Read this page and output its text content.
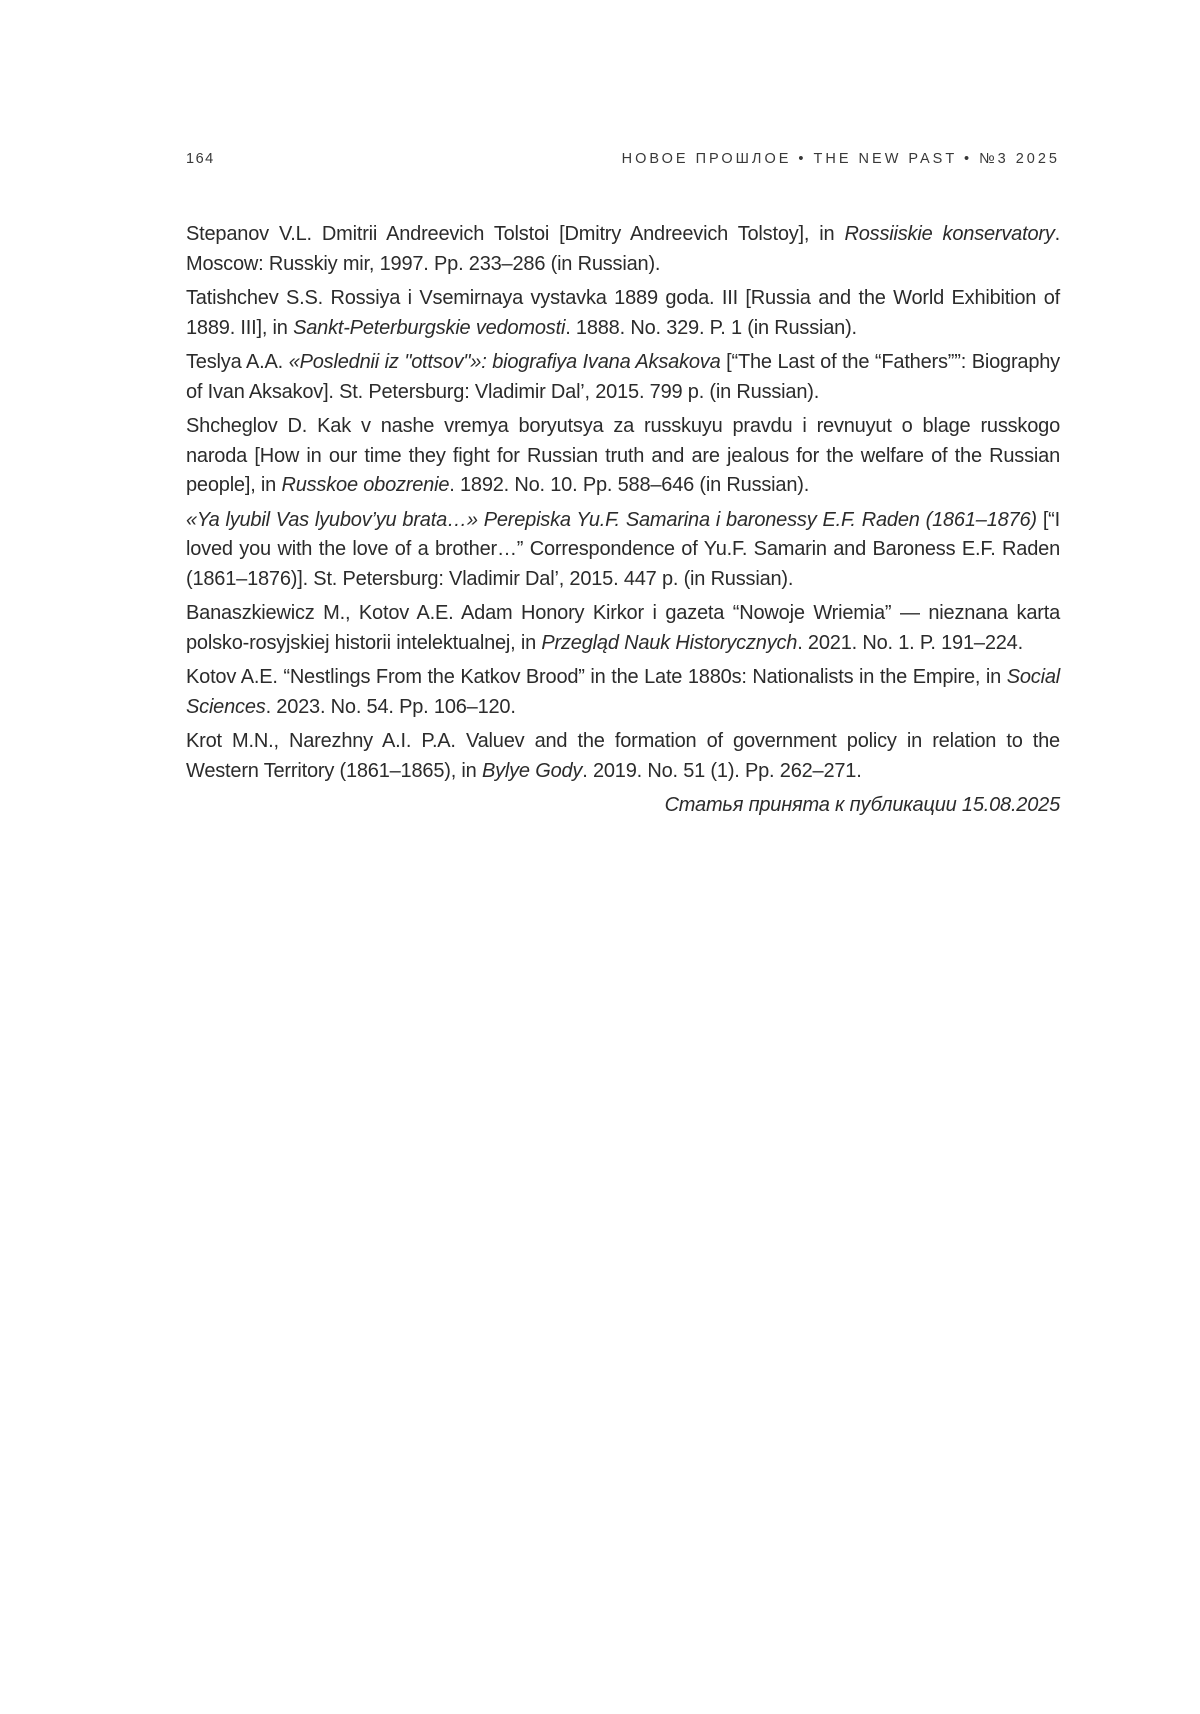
164	НОВОЕ ПРОШЛОЕ • THE NEW PAST • №3 2025

Stepanov V.L. Dmitrii Andreevich Tolstoi [Dmitry Andreevich Tolstoy], in Rossiiskie konservatory. Moscow: Russkiy mir, 1997. Pp. 233–286 (in Russian).

Tatishchev S.S. Rossiya i Vsemirnaya vystavka 1889 goda. III [Russia and the World Exhibition of 1889. III], in Sankt-Peterburgskie vedomosti. 1888. No. 329. P. 1 (in Russian).

Teslya A.A. «Poslednii iz "ottsov"»: biografiya Ivana Aksakova [“The Last of the “Fathers””: Biography of Ivan Aksakov]. St. Petersburg: Vladimir Dal’, 2015. 799 p. (in Russian).

Shcheglov D. Kak v nashe vremya boryutsya za russkuyu pravdu i revnuyut o blage russkogo naroda [How in our time they fight for Russian truth and are jealous for the welfare of the Russian people], in Russkoe obozrenie. 1892. No. 10. Pp. 588–646 (in Russian).

«Ya lyubil Vas lyubov’yu brata…» Perepiska Yu.F. Samarina i baronessy E.F. Raden (1861–1876) [“I loved you with the love of a brother…” Correspondence of Yu.F. Samarin and Baroness E.F. Raden (1861–1876)]. St. Petersburg: Vladimir Dal’, 2015. 447 p. (in Russian).

Banaszkiewicz M., Kotov A.E. Adam Honory Kirkor i gazeta “Nowoje Wriemia” — nieznana karta polsko-rosyjskiej historii intelektualnej, in Przegląd Nauk Historycznych. 2021. No. 1. P. 191–224.

Kotov A.E. “Nestlings From the Katkov Brood” in the Late 1880s: Nationalists in the Empire, in Social Sciences. 2023. No. 54. Pp. 106–120.

Krot M.N., Narezhny A.I. P.A. Valuev and the formation of government policy in relation to the Western Territory (1861–1865), in Bylye Gody. 2019. No. 51 (1). Pp. 262–271.

Статья принята к публикации 15.08.2025
